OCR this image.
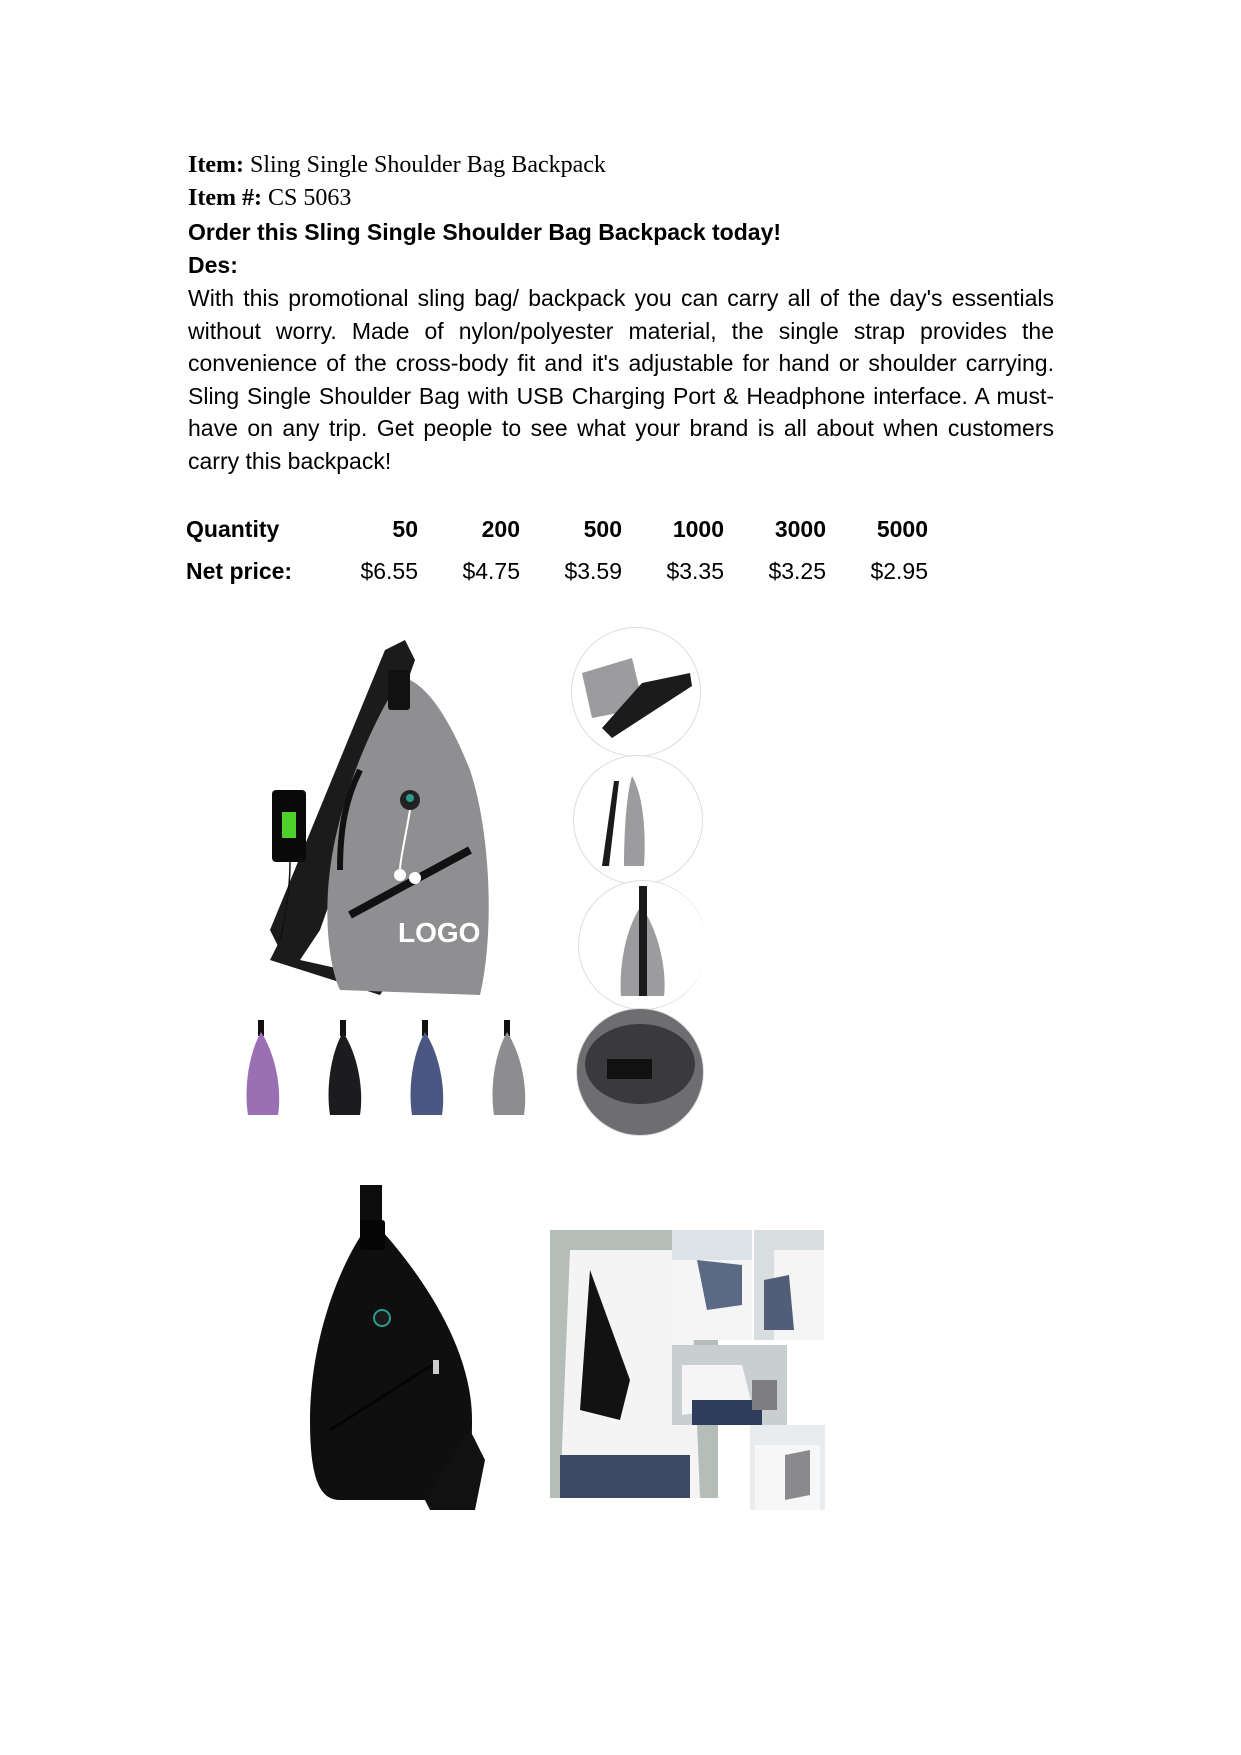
Item: Sling Single Shoulder Bag Backpack
Item #: CS 5063
Order this Sling Single Shoulder Bag Backpack today!
Des:
With this promotional sling bag/ backpack you can carry all of the day's essentials without worry. Made of nylon/polyester material, the single strap provides the convenience of the cross-body fit and it's adjustable for hand or shoulder carrying. Sling Single Shoulder Bag with USB Charging Port & Headphone interface. A must-have on any trip. Get people to see what your brand is all about when customers carry this backpack!
Quantity	50	200	500	1000	3000	5000
Net price:	$6.55	$4.75	$3.59	$3.35	$3.25	$2.95
LOGO
